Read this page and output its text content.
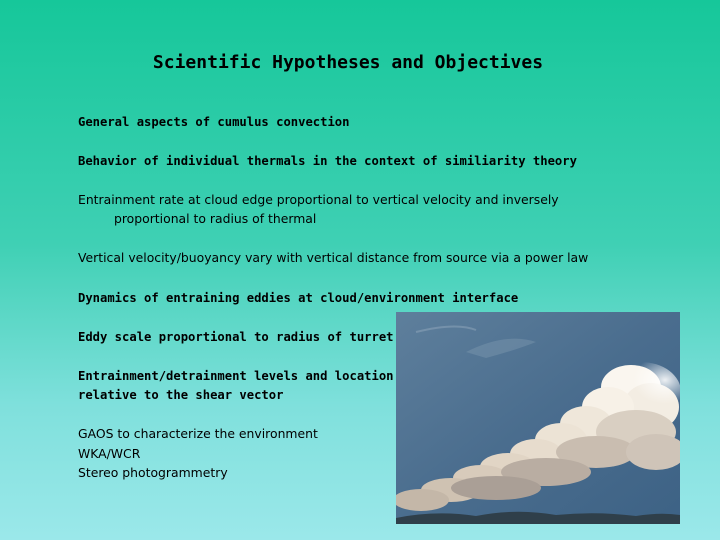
Scientific Hypotheses and Objectives
General aspects of cumulus convection
Behavior of individual thermals in the context of similiarity theory
Entrainment rate at cloud edge proportional to vertical velocity and inversely
proportional to radius of thermal
Vertical velocity/buoyancy vary with vertical distance from source via a power law
Dynamics of entraining eddies at cloud/environment interface
Eddy scale proportional to radius of turret
Entrainment/detrainment levels and location
relative to the shear vector
GAOS to characterize the environment
WKA/WCR
Stereo photogrammetry
